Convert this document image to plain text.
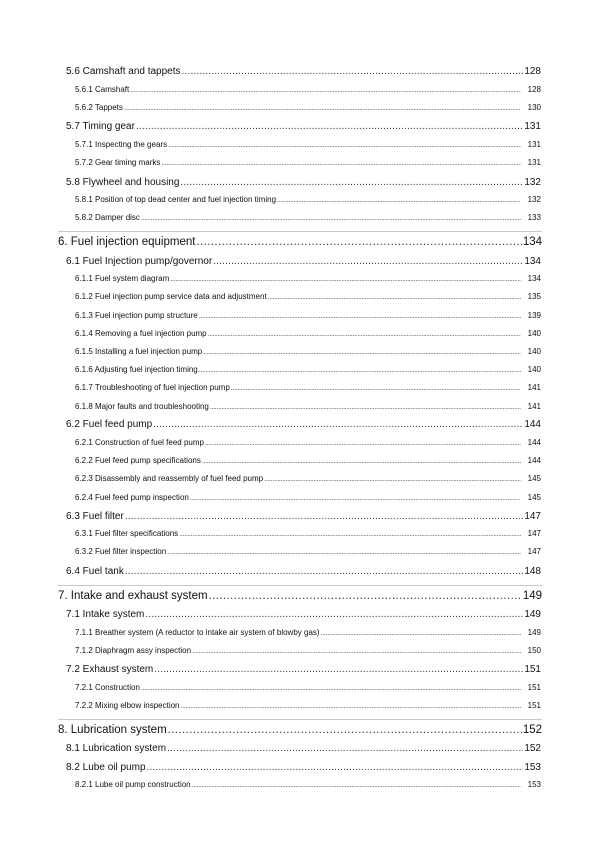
5.6 Camshaft and tappets .....	128
5.6.1 Camshaft .....	128
5.6.2 Tappets .....	130
5.7 Timing gear .....	131
5.7.1 Inspecting the gears .....	131
5.7.2 Gear timing marks .....	131
5.8 Flywheel and housing .....	132
5.8.1 Position of top dead center and fuel injection timing .....	132
5.8.2 Damper disc .....	133
6. Fuel injection equipment .....	134
6.1 Fuel Injection pump/governor .....	134
6.1.1 Fuel system diagram .....	134
6.1.2 Fuel injection pump service data and adjustment .....	135
6.1.3 Fuel injection pump structure .....	139
6.1.4 Removing a fuel injection pump .....	140
6.1.5 Installing a fuel injection pump .....	140
6.1.6 Adjusting fuel injection timing .....	140
6.1.7 Troubleshooting of fuel injection pump .....	141
6.1.8 Major faults and troubleshooting .....	141
6.2 Fuel feed pump .....	144
6.2.1 Construction of fuel feed pump .....	144
6.2.2 Fuel feed pump specifications .....	144
6.2.3 Disassembly and reassembly of fuel feed pump .....	145
6.2.4 Fuel feed pump inspection .....	145
6.3 Fuel filter .....	147
6.3.1 Fuel filter specifications .....	147
6.3.2 Fuel filter inspection .....	147
6.4 Fuel tank .....	148
7. Intake and exhaust system .....	149
7.1 Intake system .....	149
7.1.1 Breather system (A reductor to intake air system of blowby gas) .....	149
7.1.2 Diaphragm assy inspection .....	150
7.2 Exhaust system .....	151
7.2.1 Construction .....	151
7.2.2 Mixing elbow inspection .....	151
8. Lubrication system .....	152
8.1 Lubrication system .....	152
8.2 Lube oil pump .....	153
8.2.1 Lube oil pump construction .....	153
